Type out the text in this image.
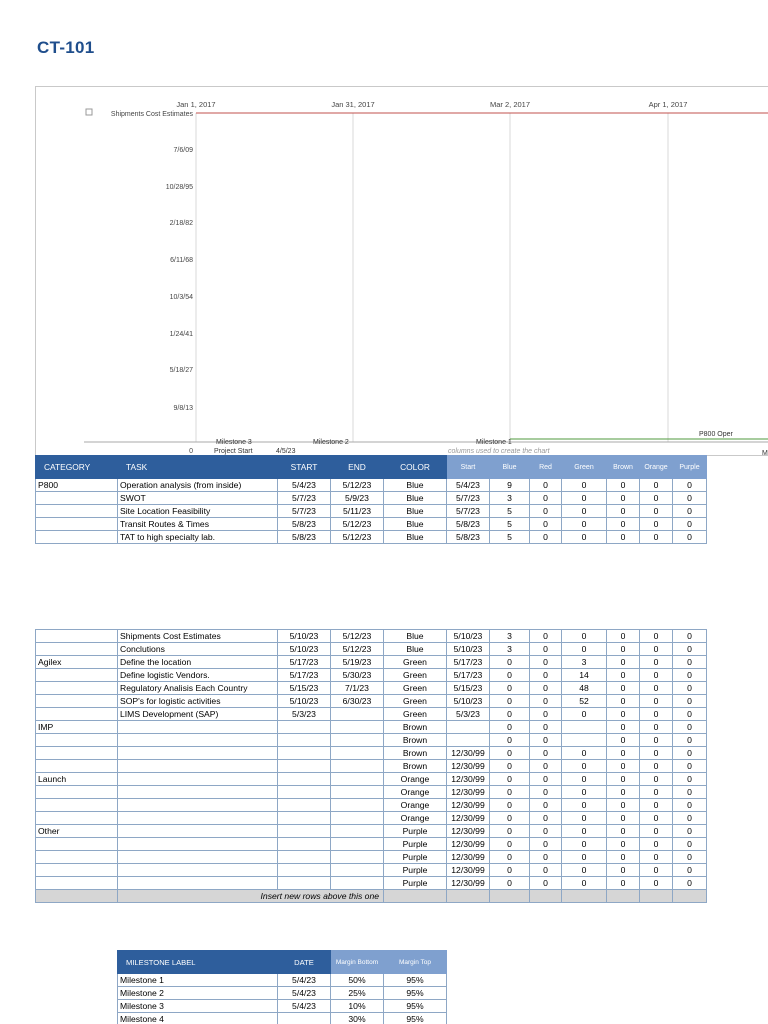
CT-101
Jan 1, 2017	Jan 31, 2017	Mar 2, 2017	Apr 1, 2017
Shipments Cost Estimates
7/6/09
10/28/95
2/18/82
6/11/68
10/3/54
1/24/41
5/18/27
9/8/13
0
Milestone 3	Milestone 2	Milestone 1
Project Start	4/5/23	columns used to create the chart
P800 Oper
M
CATEGORY	TASK	START	END	COLOR	Start	Blue	Red	Green	Brown	Orange	Purple
P800	Operation analysis (from inside)	5/4/23	5/12/23	Blue	5/4/23	9	0	0	0	0	0
	SWOT	5/7/23	5/9/23	Blue	5/7/23	3	0	0	0	0	0
	Site Location Feasibility	5/7/23	5/11/23	Blue	5/7/23	5	0	0	0	0	0
	Transit Routes & Times	5/8/23	5/12/23	Blue	5/8/23	5	0	0	0	0	0
	TAT to high specialty lab.	5/8/23	5/12/23	Blue	5/8/23	5	0	0	0	0	0
	Shipments Cost Estimates	5/10/23	5/12/23	Blue	5/10/23	3	0	0	0	0	0
	Conclutions	5/10/23	5/12/23	Blue	5/10/23	3	0	0	0	0	0
Agilex	Define the location	5/17/23	5/19/23	Green	5/17/23	0	0	3	0	0	0
	Define logistic Vendors.	5/17/23	5/30/23	Green	5/17/23	0	0	14	0	0	0
	Regulatory Analisis Each Country	5/15/23	7/1/23	Green	5/15/23	0	0	48	0	0	0
	SOP's for logistic activities	5/10/23	6/30/23	Green	5/10/23	0	0	52	0	0	0
	LIMS Development (SAP)	5/3/23		Green	5/3/23	0	0	0	0	0	0
IMP				Brown		0	0		0	0	0
				Brown		0	0		0	0	0
				Brown	12/30/99	0	0	0	0	0	0
				Brown	12/30/99	0	0	0	0	0	0
Launch				Orange	12/30/99	0	0	0	0	0	0
				Orange	12/30/99	0	0	0	0	0	0
				Orange	12/30/99	0	0	0	0	0	0
				Orange	12/30/99	0	0	0	0	0	0
Other				Purple	12/30/99	0	0	0	0	0	0
				Purple	12/30/99	0	0	0	0	0	0
				Purple	12/30/99	0	0	0	0	0	0
				Purple	12/30/99	0	0	0	0	0	0
				Purple	12/30/99	0	0	0	0	0	0
	Insert new rows above this one										
MILESTONE LABEL	DATE	Margin Bottom	Margin Top
Milestone 1	5/4/23	50%	95%
Milestone 2	5/4/23	25%	95%
Milestone 3	5/4/23	10%	95%
Milestone 4		30%	95%
